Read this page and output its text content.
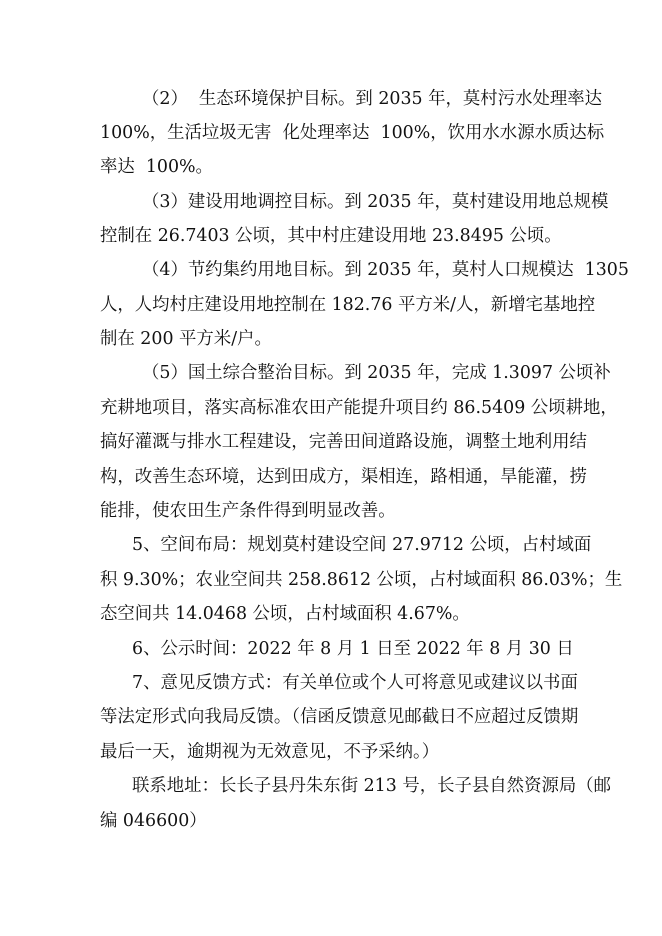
（2）  生态环境保护目标。到 2035 年，莫村污水处理率达

100%，生活垃圾无害  化处理率达  100%，饮用水水源水质达标

率达  100%。

（3）建设用地调控目标。到 2035 年，莫村建设用地总规模

控制在 26.7403 公顷，其中村庄建设用地 23.8495 公顷。

（4）节约集约用地目标。到 2035 年，莫村人口规模达  1305

人，人均村庄建设用地控制在 182.76 平方米/人，新增宅基地控

制在 200 平方米/户。

（5）国土综合整治目标。到 2035 年，完成 1.3097 公顷补

充耕地项目，落实高标准农田产能提升项目约 86.5409 公顷耕地，

搞好灌溉与排水工程建设，完善田间道路设施，调整土地利用结

构，改善生态环境，达到田成方，渠相连，路相通，旱能灌，捞

能排，使农田生产条件得到明显改善。

5、空间布局：规划莫村建设空间 27.9712 公顷，占村域面

积 9.30%；农业空间共 258.8612 公顷，占村域面积 86.03%；生

态空间共 14.0468 公顷，占村域面积 4.67%。

6、公示时间：2022 年 8 月 1 日至 2022 年 8 月 30 日

7、意见反馈方式：有关单位或个人可将意见或建议以书面

等法定形式向我局反馈。（信函反馈意见邮截日不应超过反馈期

最后一天，逾期视为无效意见，不予采纳。）

联系地址：长长子县丹朱东街 213 号，长子县自然资源局（邮

编 046600）
